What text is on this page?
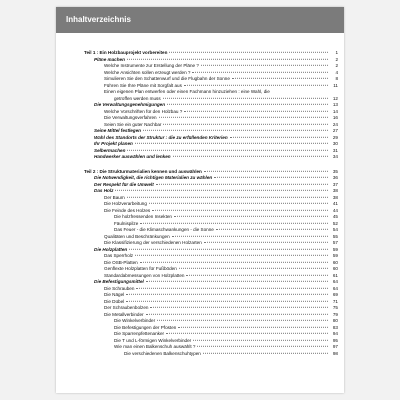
Inhaltverzeichnis
Teil 1 : Ein Holzbauprojekt vorbereiten	1
Pläne machen	2
Welche Instrumente zur Erstellung der Pläne ?	2
Welche Ansichten sollen erzeugt werden ?	4
Simulieren Sie den Schattenwurf und die Flugbahn der Sonne	8
Führen Sie Ihre Pläne mit Sorgfalt aus	11
Einen eigenen Plan entwerfen oder einen Fachmann hinzuziehen : eine Wahl, die
getroffen werden muss	12
Die Verwaltungsgenehmigungen	13
Welche Vorschriften für den Holzbau ?	14
Die Verwaltungsverfahren	16
Seien Sie ein guter Nachbar	24
Seine Mittel festlegen	27
Wahl des Standorts der Struktur : die zu erfüllenden Kriterien	29
Ihr Projekt planen	30
Selbermachen	31
Handwerker auswählen und lenken	34
Teil 2 : Die Strukturmaterialien kennen und auswählen	35
Die Notwendigkeit, die richtigen Materialien zu wählen	36
Der Respekt für die Umwelt	37
Das Holz	38
Der Baum	38
Die Holzverarbeitung	41
Die Feinde des Holzes	44
Die holzfressenden Insekten	45
Fäulnispilze	52
Das Feuer - die Klimaschwankungen - die Sonne	54
Qualitäten und Beschränkungen	55
Die Klassifizierung der verschiedenen Holzarten	57
Die Holzplatten	59
Das Sperrholz	59
Die OSB-Platten	60
Genflexte Holzplatten für Fußböden	60
Standardabmessungen von Holzplatten	61
Die Befestigungsmittel	64
Die Schrauben	64
Die Nägel	69
Die Dübel	71
Der Schraubenbolzen	75
Die Metallverbinder	79
Die Winkelverbinder	80
Die Befestigungen der Pfosten	83
Die Sparrenpfettenanker	94
Die T und L-förmigen Winkelverbinder	95
Wie man einen Balkenschuh auswählt ?	97
Die verschiedenen Balkenschuhtypen	98
